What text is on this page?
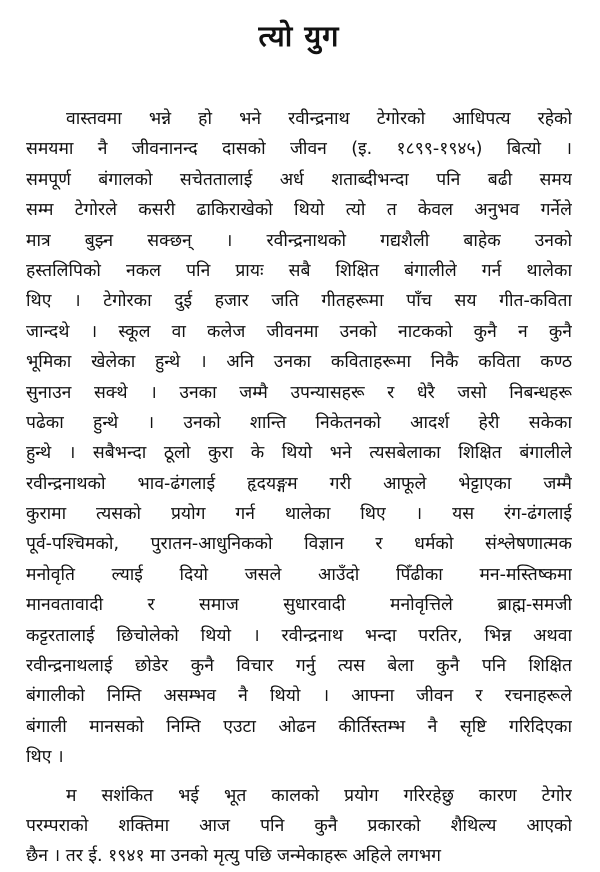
त्यो युग
वास्तवमा भन्ने हो भने रवीन्द्रनाथ टेगोरको आधिपत्य रहेको
समयमा नै जीवनानन्द दासको जीवन (इ. १८९९-१९४५) बित्यो ।
समपूर्ण बंगालको सचेततालाई अर्ध शताब्दीभन्दा पनि बढी समय
सम्म टेगोरले कसरी ढाकिराखेको थियो त्यो त केवल अनुभव गर्नेले
मात्र बुझ्न सक्छन् । रवीन्द्रनाथको गद्यशैली बाहेक उनको
हस्तलिपिको नकल पनि प्रायः सबै शिक्षित बंगालीले गर्न थालेका
थिए । टेगोरका दुई हजार जति गीतहरूमा पाँच सय गीत-कविता
जान्दथे । स्कूल वा कलेज जीवनमा उनको नाटकको कुनै न कुनै
भूमिका खेलेका हुन्थे । अनि उनका कविताहरूमा निकै कविता कण्ठ
सुनाउन सक्थे । उनका जम्मै उपन्यासहरू र धेरै जसो निबन्धहरू
पढेका हुन्थे । उनको शान्ति निकेतनको आदर्श हेरी सकेका
हुन्थे । सबैभन्दा ठूलो कुरा के थियो भने त्यसबेलाका शिक्षित बंगालीले
रवीन्द्रनाथको भाव-ढंगलाई हृदयङ्गम गरी आफूले भेट्टाएका जम्मै
कुरामा त्यसको प्रयोग गर्न थालेका थिए । यस रंग-ढंगलाई
पूर्व-पश्चिमको, पुरातन-आधुनिकको विज्ञान र धर्मको संश्लेषणात्मक
मनोवृति ल्याई दियो जसले आउँदो पिँढीका मन-मस्तिष्कमा
मानवतावादी र समाज सुधारवादी मनोवृत्तिले ब्राह्म-समजी
कट्टरतालाई छिचोलेको थियो । रवीन्द्रनाथ भन्दा परतिर, भिन्न अथवा
रवीन्द्रनाथलाई छोडेर कुनै विचार गर्नु त्यस बेला कुनै पनि शिक्षित
बंगालीको निम्ति असम्भव नै थियो । आफ्ना जीवन र रचनाहरूले
बंगाली मानसको निम्ति एउटा ओढन कीर्तिस्तम्भ नै सृष्टि गरिदिएका
थिए ।
म सशंकित भई भूत कालको प्रयोग गरिरहेछु कारण टेगोर
परम्पराको शक्तिमा आज पनि कुनै प्रकारको शैथिल्य आएको
छैन । तर ई. १९४१ मा उनको मृत्यु पछि जन्मेकाहरू अहिले लगभग
